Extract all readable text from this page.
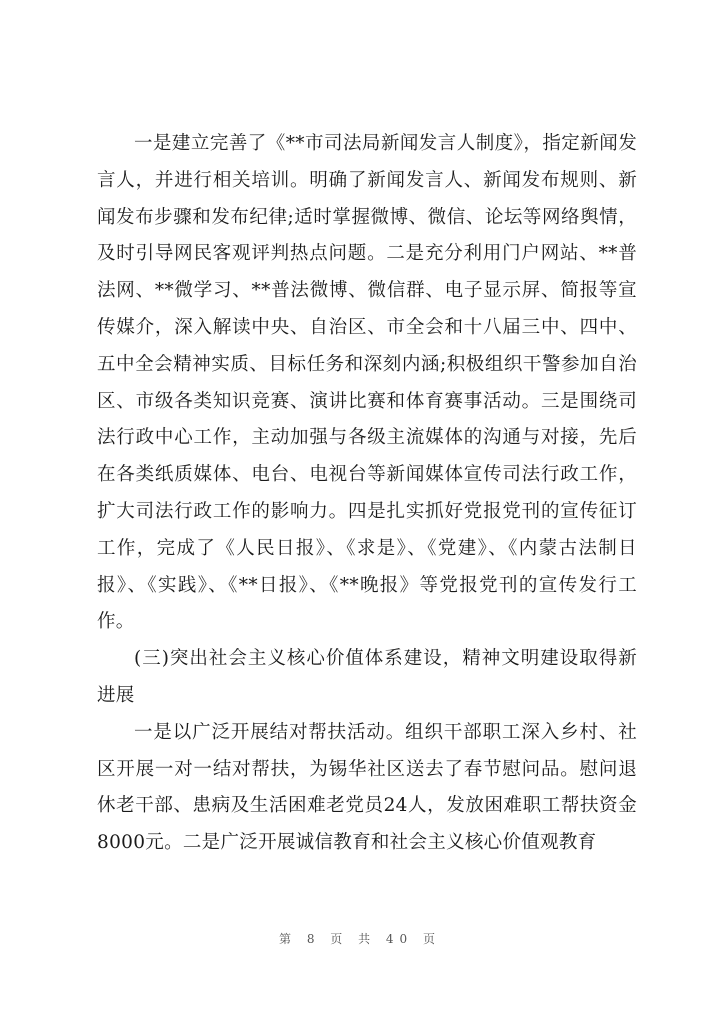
一是建立完善了《**市司法局新闻发言人制度》，指定新闻发言人，并进行相关培训。明确了新闻发言人、新闻发布规则、新闻发布步骤和发布纪律;适时掌握微博、微信、论坛等网络舆情，及时引导网民客观评判热点问题。二是充分利用门户网站、**普法网、**微学习、**普法微博、微信群、电子显示屏、简报等宣传媒介，深入解读中央、自治区、市全会和十八届三中、四中、五中全会精神实质、目标任务和深刻内涵;积极组织干警参加自治区、市级各类知识竞赛、演讲比赛和体育赛事活动。三是围绕司法行政中心工作，主动加强与各级主流媒体的沟通与对接，先后在各类纸质媒体、电台、电视台等新闻媒体宣传司法行政工作，扩大司法行政工作的影响力。四是扎实抓好党报党刊的宣传征订工作，完成了《人民日报》、《求是》、《党建》、《内蒙古法制日报》、《实践》、《**日报》、《**晚报》等党报党刊的宣传发行工作。

(三)突出社会主义核心价值体系建设，精神文明建设取得新进展

一是以广泛开展结对帮扶活动。组织干部职工深入乡村、社区开展一对一结对帮扶，为锡华社区送去了春节慰问品。慰问退休老干部、患病及生活困难老党员24人，发放困难职工帮扶资金8000元。二是广泛开展诚信教育和社会主义核心价值观教育

第 8 页 共 40 页
